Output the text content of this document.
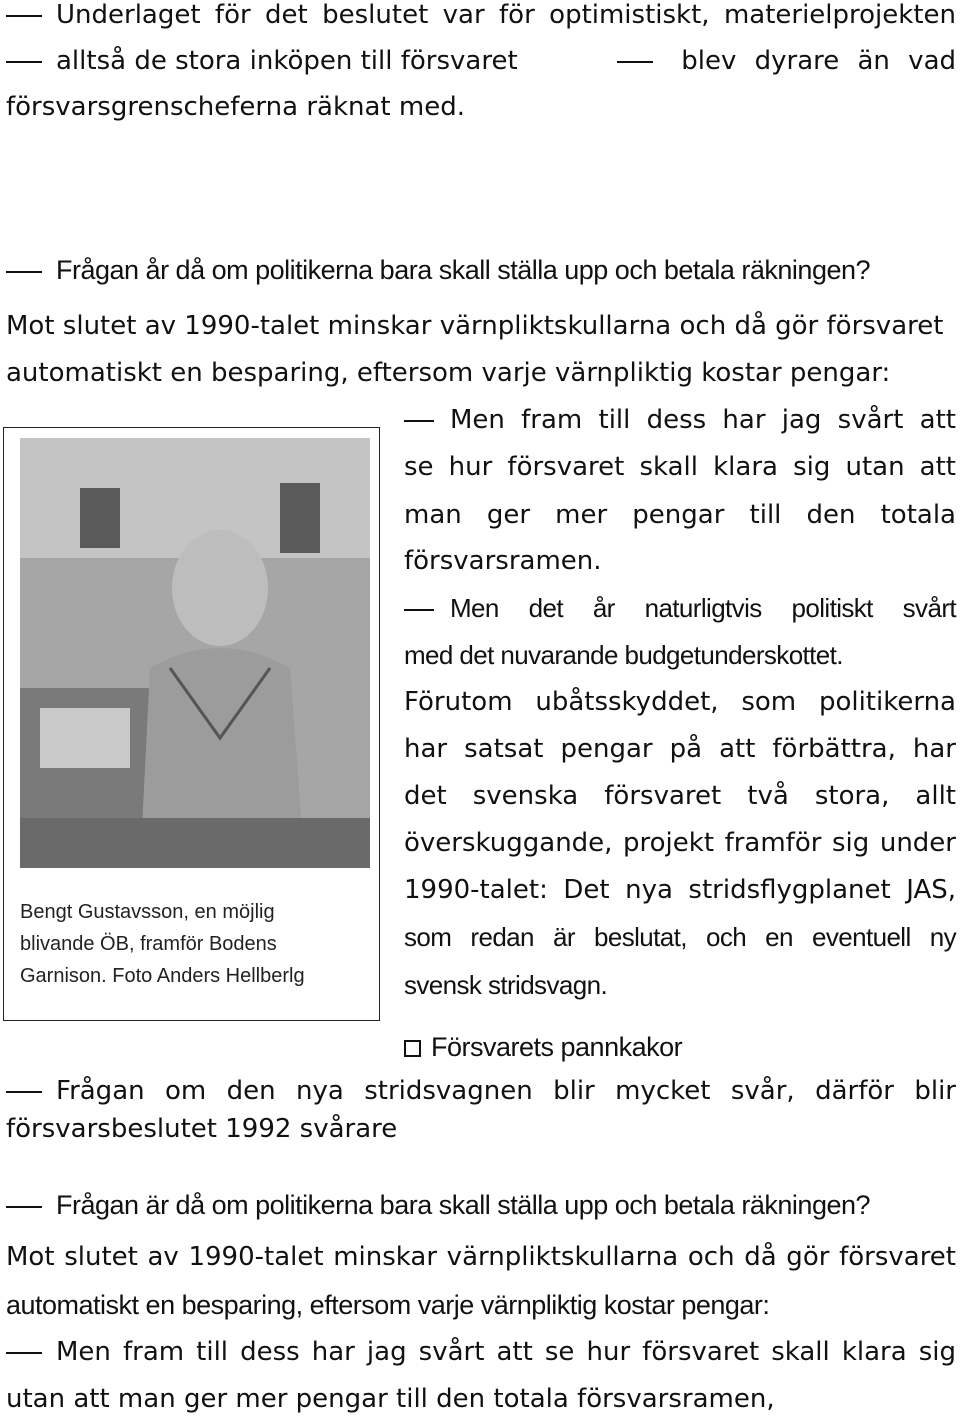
Underlaget för det beslutet var för optimistiskt, materielprojekten
alltså de stora inköpen till försvaret	blev dyrare än vad
försvarsgrenscheferna räknat med.
Frågan år då om politikerna bara skall ställa upp och betala räkningen?
Mot slutet av 1990-talet minskar värnpliktskullarna och då gör försvaret
automatiskt en besparing, eftersom varje värnpliktig kostar pengar:
Bengt Gustavsson, en möjlig
blivande ÖB, framför Bodens
Garnison. Foto Anders Hellberlg
Men fram till dess har jag svårt att
se hur försvaret skall klara sig utan att
man ger mer pengar till den totala
försvarsramen.
Men det år naturligtvis politiskt svårt
med det nuvarande budgetunderskottet.
Förutom ubåtsskyddet, som politikerna
har satsat pengar på att förbättra, har
det svenska försvaret två stora, allt
överskuggande, projekt framför sig under
1990-talet: Det nya stridsflygplanet JAS,
som redan är beslutat, och en eventuell ny
svensk stridsvagn.
Försvarets pannkakor
Frågan om den nya stridsvagnen blir mycket svår, därför blir
försvarsbeslutet 1992 svårare
Frågan är då om politikerna bara skall ställa upp och betala räkningen?
Mot slutet av 1990-talet minskar värnpliktskullarna och då gör försvaret
automatiskt en besparing, eftersom varje värnpliktig kostar pengar:
Men fram till dess har jag svårt att se hur försvaret skall klara sig
utan att man ger mer pengar till den totala försvarsramen,
